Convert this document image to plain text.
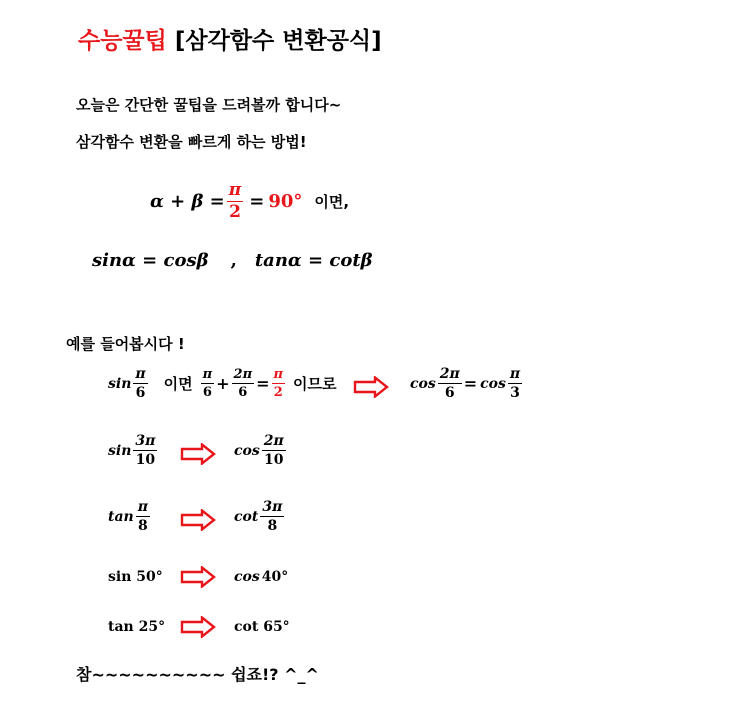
수능꿀팁 [삼각함수 변환공식]
오늘은 간단한 꿀팁을 드려볼까 합니다~
삼각함수 변환을 빠르게 하는 방법!
$\alpha + \beta = \frac{\pi}{2} = 90^\circ$ 이면,
sinα = cosβ , tanα = cotβ
예를 들어봅시다 !
$\sin \frac{\pi}{6}$ 이면 $\frac{\pi}{6} + \frac{2\pi}{6} = \frac{\pi}{2}$ 이므로	$\cos \frac{2\pi}{6} = \cos \frac{\pi}{3}$
$\sin \frac{3\pi}{10}$	$\cos \frac{2\pi}{10}$
$\tan \frac{\pi}{8}$	$\cot \frac{3\pi}{8}$
sin 50°	cos 40°
tan 25°	cot 65°
참~~~~~~~~~~ 쉽죠!? ^_^
